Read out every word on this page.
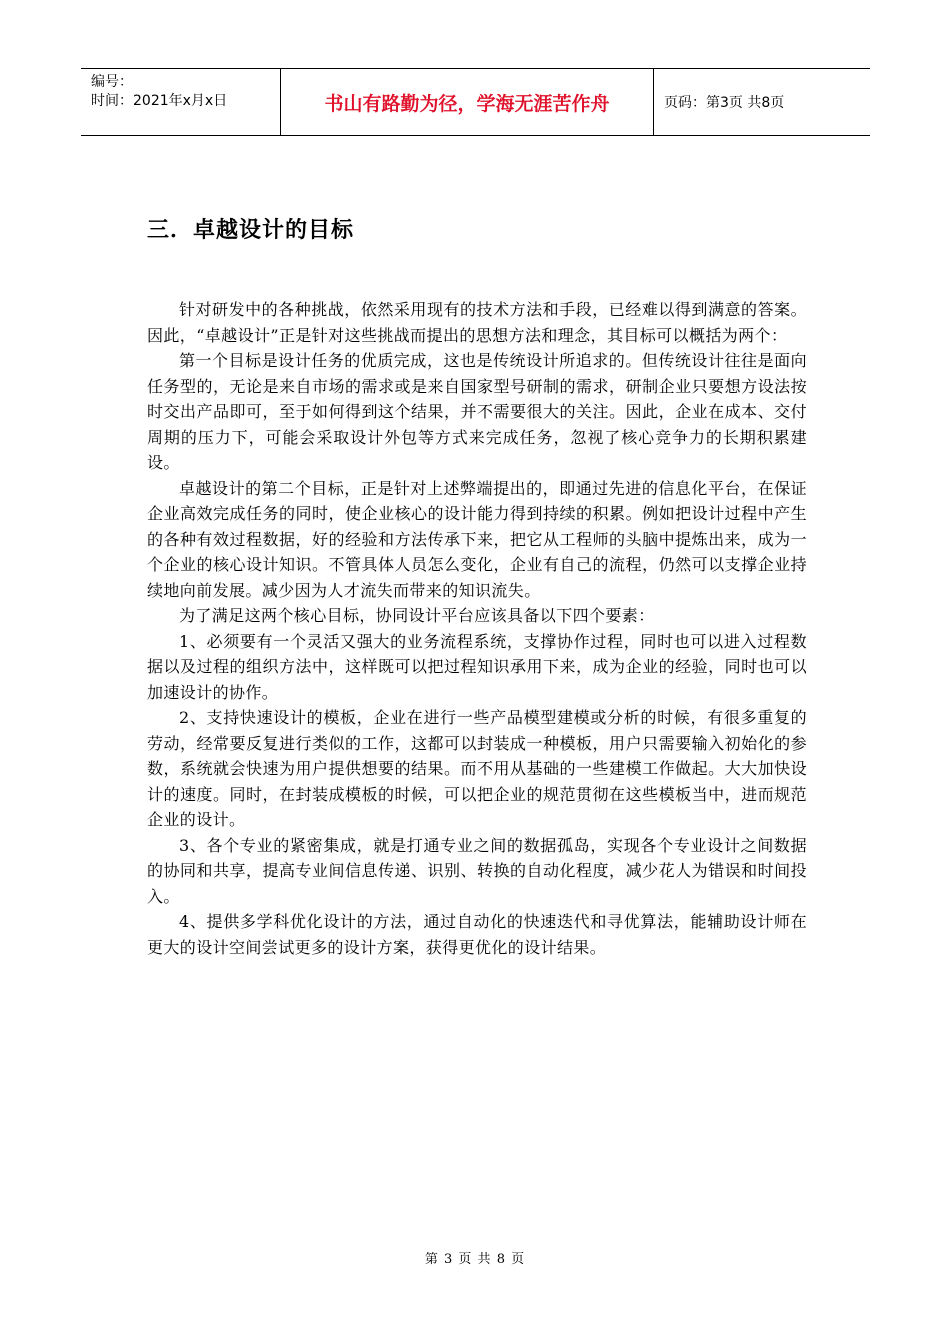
编号：
时间：2021年x月x日	书山有路勤为径，学海无涯苦作舟	页码：第3页 共8页
三．卓越设计的目标

针对研发中的各种挑战，依然采用现有的技术方法和手段，已经难以得到满意的答案。因此，“卓越设计”正是针对这些挑战而提出的思想方法和理念，其目标可以概括为两个：

第一个目标是设计任务的优质完成，这也是传统设计所追求的。但传统设计往往是面向任务型的，无论是来自市场的需求或是来自国家型号研制的需求，研制企业只要想方设法按时交出产品即可，至于如何得到这个结果，并不需要很大的关注。因此，企业在成本、交付周期的压力下，可能会采取设计外包等方式来完成任务，忽视了核心竞争力的长期积累建设。

卓越设计的第二个目标，正是针对上述弊端提出的，即通过先进的信息化平台，在保证企业高效完成任务的同时，使企业核心的设计能力得到持续的积累。例如把设计过程中产生的各种有效过程数据，好的经验和方法传承下来，把它从工程师的头脑中提炼出来，成为一个企业的核心设计知识。不管具体人员怎么变化，企业有自己的流程，仍然可以支撑企业持续地向前发展。减少因为人才流失而带来的知识流失。

为了满足这两个核心目标，协同设计平台应该具备以下四个要素：

1、必须要有一个灵活又强大的业务流程系统，支撑协作过程，同时也可以进入过程数据以及过程的组织方法中，这样既可以把过程知识承用下来，成为企业的经验，同时也可以加速设计的协作。

2、支持快速设计的模板，企业在进行一些产品模型建模或分析的时候，有很多重复的劳动，经常要反复进行类似的工作，这都可以封装成一种模板，用户只需要输入初始化的参数，系统就会快速为用户提供想要的结果。而不用从基础的一些建模工作做起。大大加快设计的速度。同时，在封装成模板的时候，可以把企业的规范贯彻在这些模板当中，进而规范企业的设计。

3、各个专业的紧密集成，就是打通专业之间的数据孤岛，实现各个专业设计之间数据的协同和共享，提高专业间信息传递、识别、转换的自动化程度，减少花人为错误和时间投入。

4、提供多学科优化设计的方法，通过自动化的快速迭代和寻优算法，能辅助设计师在更大的设计空间尝试更多的设计方案，获得更优化的设计结果。

第 3 页 共 8 页
